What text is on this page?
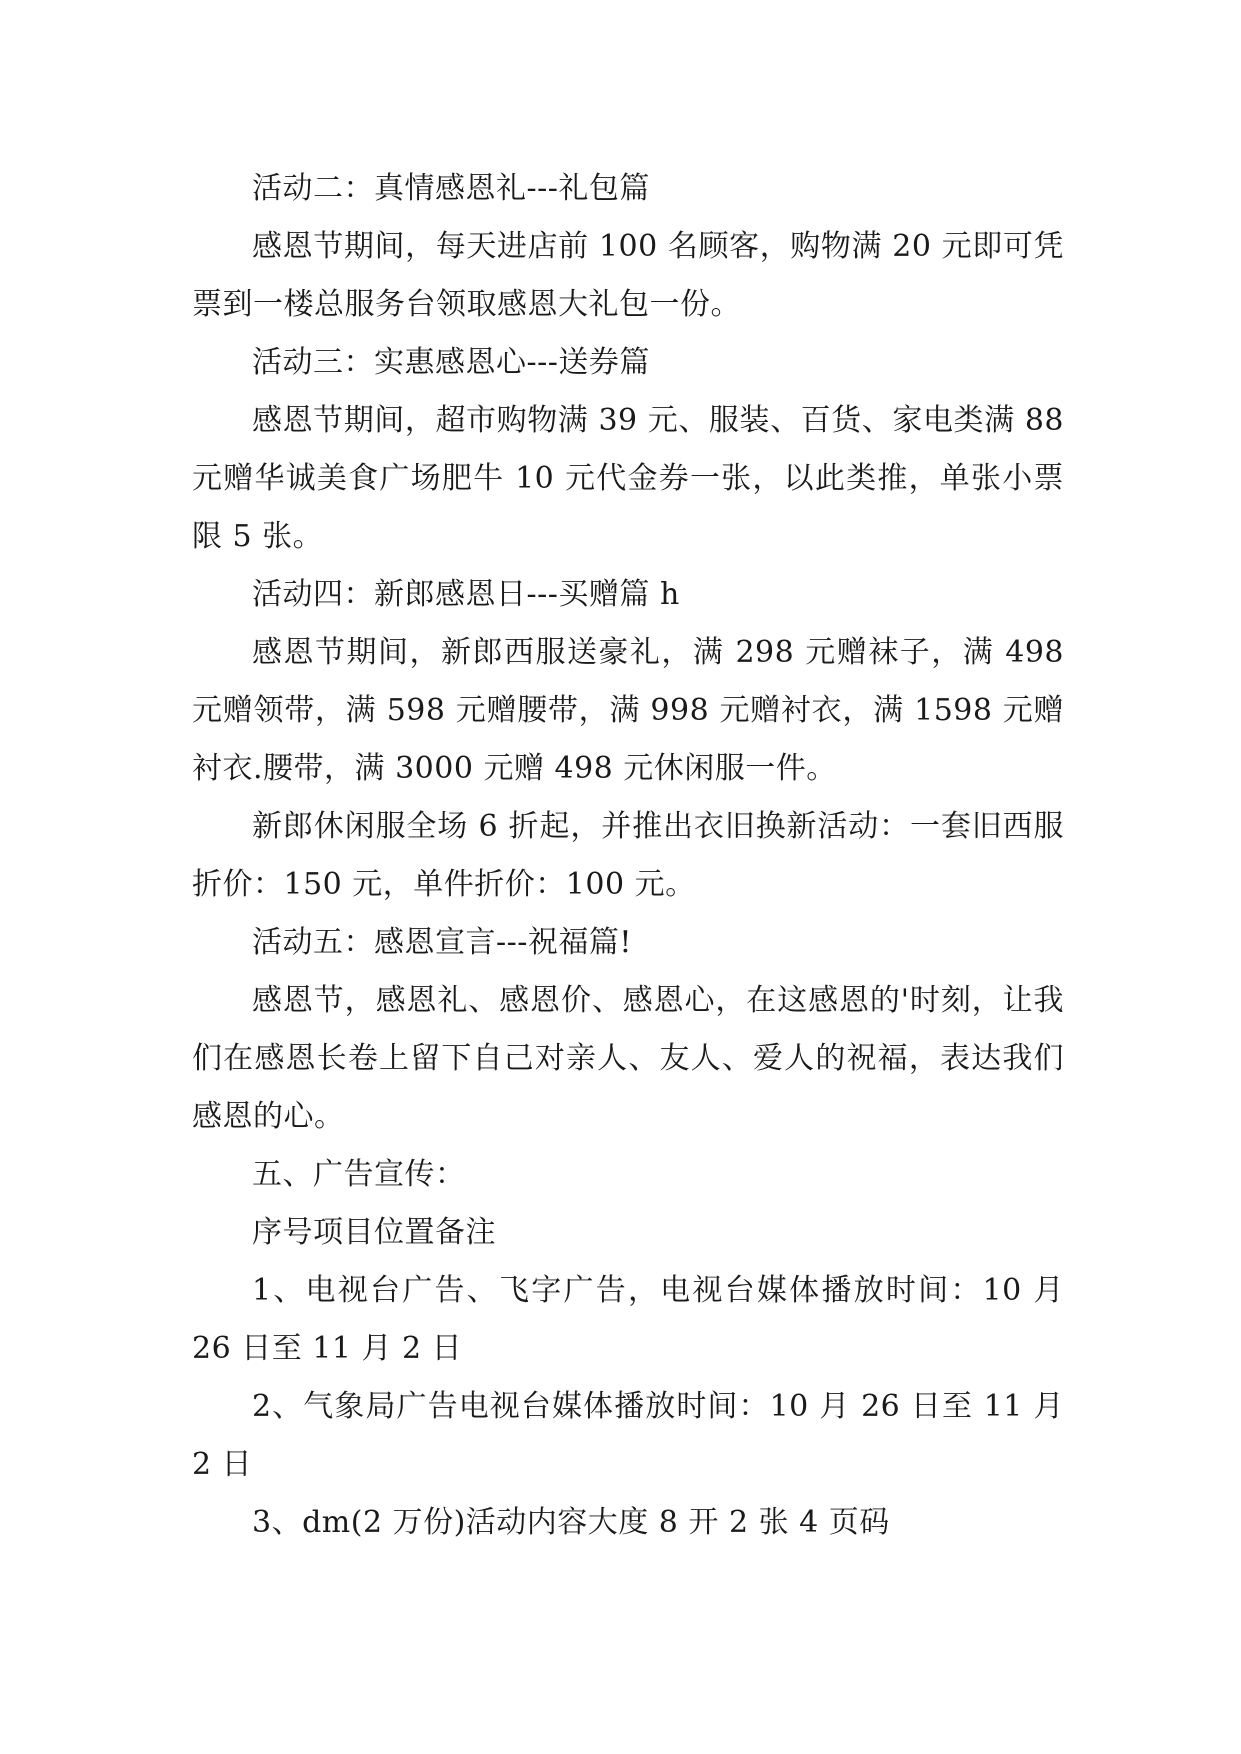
活动二：真情感恩礼---礼包篇

感恩节期间，每天进店前 100 名顾客，购物满 20 元即可凭票到一楼总服务台领取感恩大礼包一份。

活动三：实惠感恩心---送券篇

感恩节期间，超市购物满 39 元、服装、百货、家电类满 88 元赠华诚美食广场肥牛 10 元代金券一张，以此类推，单张小票限 5 张。

活动四：新郎感恩日---买赠篇 h

感恩节期间，新郎西服送豪礼，满 298 元赠袜子，满 498 元赠领带，满 598 元赠腰带，满 998 元赠衬衣，满 1598 元赠衬衣.腰带，满 3000 元赠 498 元休闲服一件。

新郎休闲服全场 6 折起，并推出衣旧换新活动：一套旧西服折价：150 元，单件折价：100 元。

活动五：感恩宣言---祝福篇!

感恩节，感恩礼、感恩价、感恩心，在这感恩的'时刻，让我们在感恩长卷上留下自己对亲人、友人、爱人的祝福，表达我们感恩的心。

五、广告宣传：

序号项目位置备注

1、电视台广告、飞字广告，电视台媒体播放时间：10 月 26 日至 11 月 2 日

2、气象局广告电视台媒体播放时间：10 月 26 日至 11 月 2 日

3、dm(2 万份)活动内容大度 8 开 2 张 4 页码
